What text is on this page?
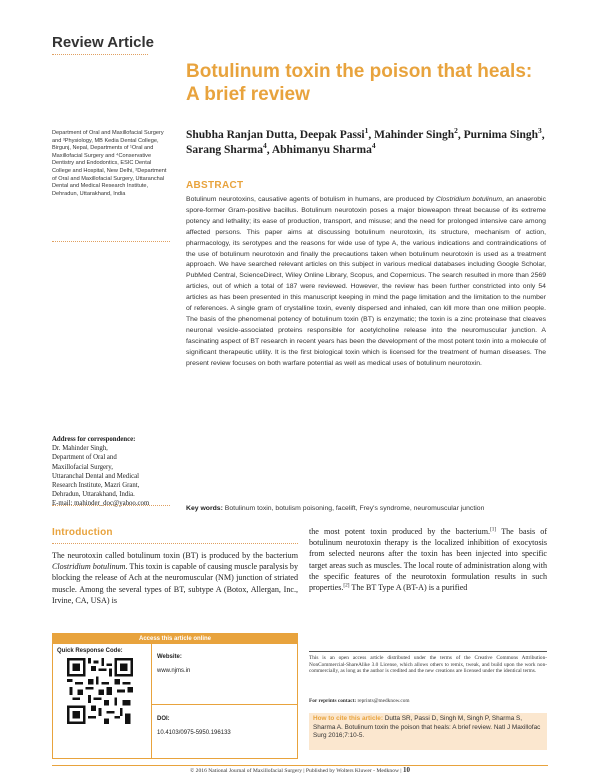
Review Article
Botulinum toxin the poison that heals: A brief review
Shubha Ranjan Dutta, Deepak Passi$^1$, Mahinder Singh$^2$, Purnima Singh$^3$, Sarang Sharma$^4$, Abhimanyu Sharma$^4$
Department of Oral and Maxillofacial Surgery and ³Physiology, MB Kedia Dental College, Birgunj, Nepal, Departments of ¹Oral and Maxillofacial Surgery and ⁴Conservative Dentistry and Endodontics, ESIC Dental College and Hospital, New Delhi, ²Department of Oral and Maxillofacial Surgery, Uttaranchal Dental and Medical Research Institute, Dehradun, Uttarakhand, India
Address for correspondence:
Dr. Mahinder Singh,
Department of Oral and
Maxillofacial Surgery,
Uttaranchal Dental and Medical
Research Institute, Mazri Grant,
Dehradun, Uttarakhand, India.
E-mail: mahinder_doc@yahoo.com
ABSTRACT
Botulinum neurotoxins, causative agents of botulism in humans, are produced by Clostridium botulinum, an anaerobic spore-former Gram-positive bacillus. Botulinum neurotoxin poses a major bioweapon threat because of its extreme potency and lethality; its ease of production, transport, and misuse; and the need for prolonged intensive care among affected persons. This paper aims at discussing botulinum neurotoxin, its structure, mechanism of action, pharmacology, its serotypes and the reasons for wide use of type A, the various indications and contraindications of the use of botulinum neurotoxin and finally the precautions taken when botulinum neurotoxin is used as a treatment approach. We have searched relevant articles on this subject in various medical databases including Google Scholar, PubMed Central, ScienceDirect, Wiley Online Library, Scopus, and Copernicus. The search resulted in more than 2569 articles, out of which a total of 187 were reviewed. However, the review has been further constricted into only 54 articles as has been presented in this manuscript keeping in mind the page limitation and the limitation to the number of references. A single gram of crystalline toxin, evenly dispersed and inhaled, can kill more than one million people. The basis of the phenomenal potency of botulinum toxin (BT) is enzymatic; the toxin is a zinc proteinase that cleaves neuronal vesicle-associated proteins responsible for acetylcholine release into the neuromuscular junction. A fascinating aspect of BT research in recent years has been the development of the most potent toxin into a molecule of significant therapeutic utility. It is the first biological toxin which is licensed for the treatment of human diseases. The present review focuses on both warfare potential as well as medical uses of botulinum neurotoxin.
Key words: Botulinum toxin, botulism poisoning, facelift, Frey's syndrome, neuromuscular junction
Introduction
The neurotoxin called botulinum toxin (BT) is produced by the bacterium Clostridium botulinum. This toxin is capable of causing muscle paralysis by blocking the release of Ach at the neuromuscular (NM) junction of striated muscle. Among the several types of BT, subtype A (Botox, Allergan, Inc., Irvine, CA, USA) is
the most potent toxin produced by the bacterium.[1] The basis of botulinum neurotoxin therapy is the localized inhibition of exocytosis from selected neurons after the toxin has been injected into specific target areas such as muscles. The local route of administration along with the specific features of the neurotoxin formulation results in such properties.[2] The BT Type A (BT-A) is a purified
Access this article online
Quick Response Code:
Website:
www.njms.in
DOI:
10.4103/0975-5950.196133
This is an open access article distributed under the terms of the Creative Commons Attribution-NonCommercial-ShareAlike 3.0 License, which allows others to remix, tweak, and build upon the work non-commercially, as long as the author is credited and the new creations are licensed under the identical terms.
For reprints contact: reprints@medknow.com
How to cite this article: Dutta SR, Passi D, Singh M, Singh P, Sharma S, Sharma A. Botulinum toxin the poison that heals: A brief review. Natl J Maxillofac Surg 2016;7:10-5.
© 2016 National Journal of Maxillofacial Surgery | Published by Wolters Kluwer - Medknow | 10
